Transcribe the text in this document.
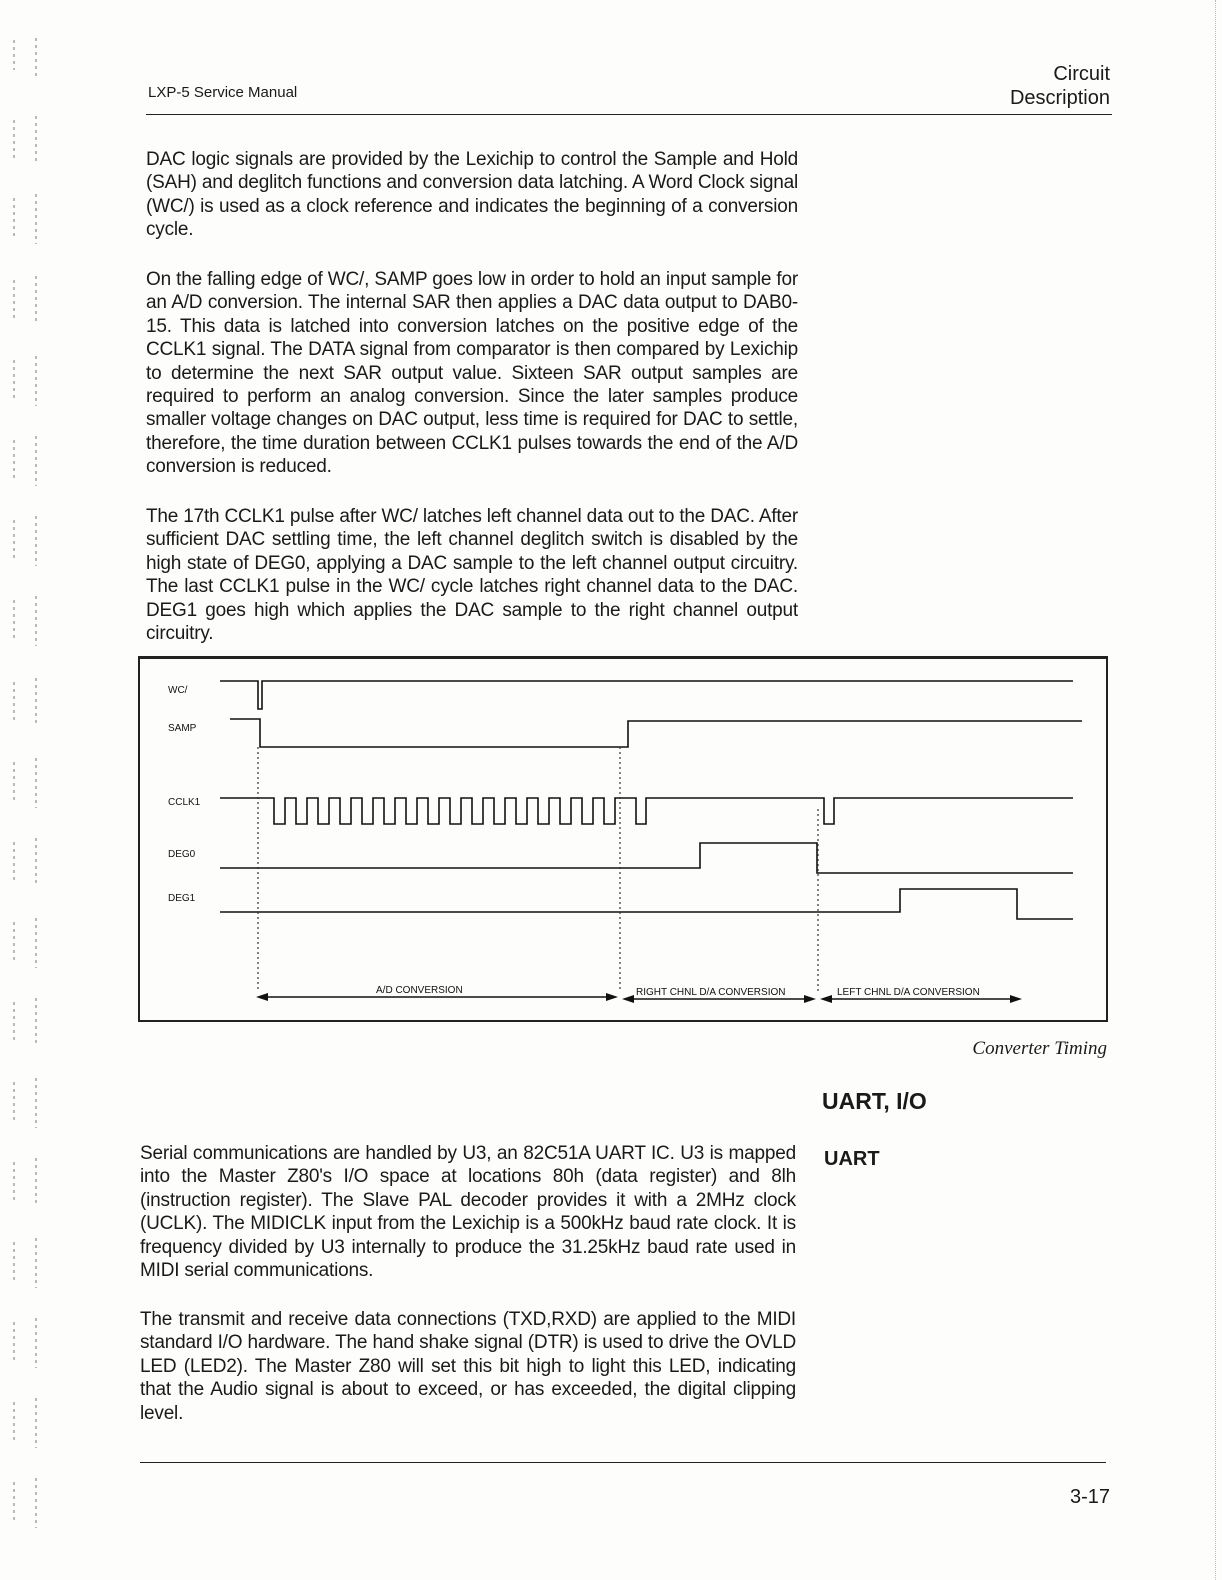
LXP-5 Service Manual
Circuit
Description

DAC logic signals are provided by the Lexichip to control the Sample and Hold (SAH) and deglitch functions and conversion data latching. A Word Clock signal (WC/) is used as a clock reference and indicates the beginning of a conversion cycle.

On the falling edge of WC/, SAMP goes low in order to hold an input sample for an A/D conversion. The internal SAR then applies a DAC data output to DAB0-15. This data is latched into conversion latches on the positive edge of the CCLK1 signal. The DATA signal from comparator is then compared by Lexichip to determine the next SAR output value. Sixteen SAR output samples are required to perform an analog conversion. Since the later samples produce smaller voltage changes on DAC output, less time is required for DAC to settle, therefore, the time duration between CCLK1 pulses towards the end of the A/D conversion is reduced.

The 17th CCLK1 pulse after WC/ latches left channel data out to the DAC. After sufficient DAC settling time, the left channel deglitch switch is disabled by the high state of DEG0, applying a DAC sample to the left channel output circuitry. The last CCLK1 pulse in the WC/ cycle latches right channel data to the DAC. DEG1 goes high which applies the DAC sample to the right channel output circuitry.

WC/
SAMP
CCLK1
DEG0
DEG1
A/D CONVERSION	RIGHT CHNL D/A CONVERSION	LEFT CHNL D/A CONVERSION
Converter Timing
UART, I/O
UART

Serial communications are handled by U3, an 82C51A UART IC. U3 is mapped into the Master Z80's I/O space at locations 80h (data register) and 8lh (instruction register). The Slave PAL decoder provides it with a 2MHz clock (UCLK). The MIDICLK input from the Lexichip is a 500kHz baud rate clock. It is frequency divided by U3 internally to produce the 31.25kHz baud rate used in MIDI serial communications.

The transmit and receive data connections (TXD,RXD) are applied to the MIDI standard I/O hardware. The hand shake signal (DTR) is used to drive the OVLD LED (LED2). The Master Z80 will set this bit high to light this LED, indicating that the Audio signal is about to exceed, or has exceeded, the digital clipping level.

3-17
